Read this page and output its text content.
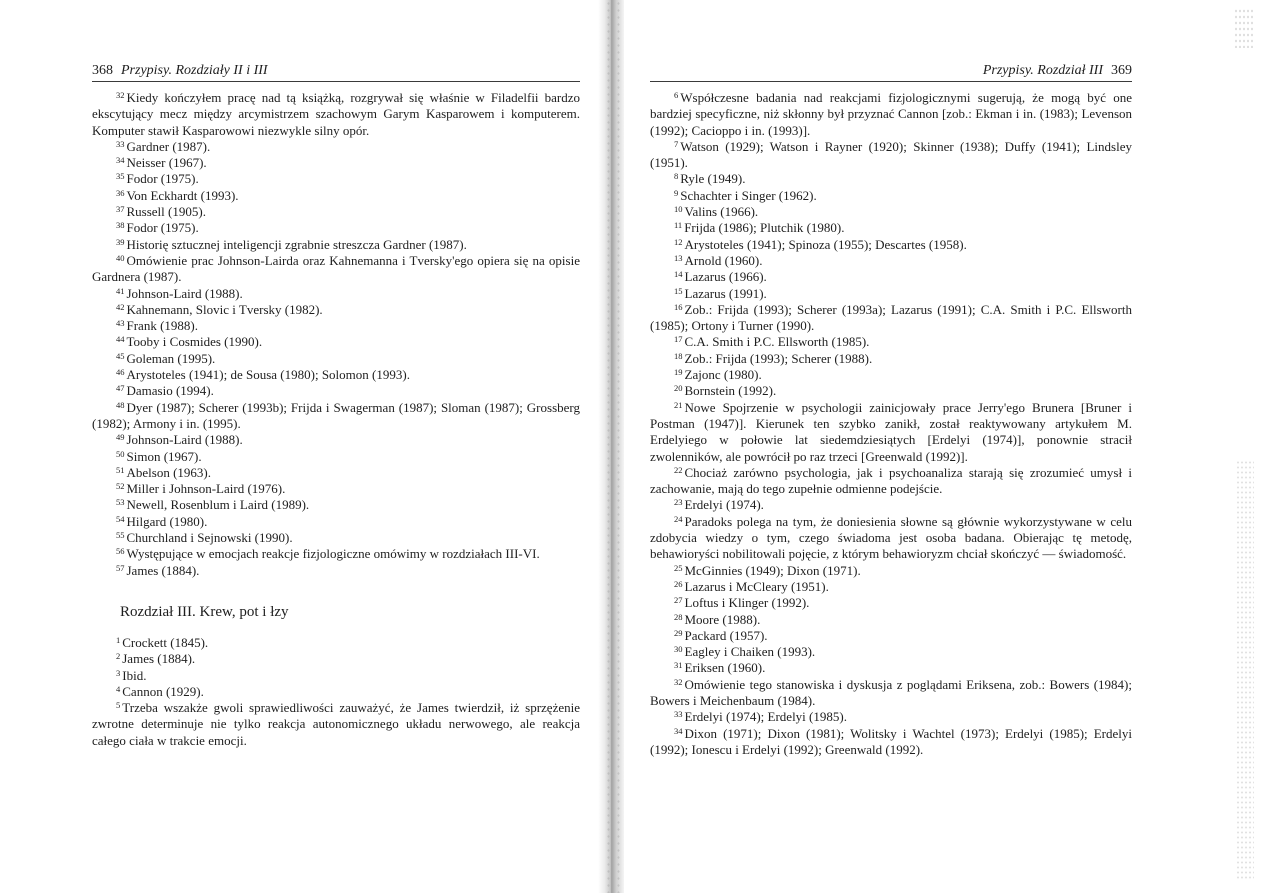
368 Przypisy. Rozdziały II i III

$^{32}$ Kiedy kończyłem pracę nad tą książką, rozgrywał się właśnie w Filadelfii bardzo ekscytujący mecz między arcymistrzem szachowym Garym Kasparowem i komputerem. Komputer stawił Kasparowowi niezwykle silny opór.

$^{33}$ Gardner (1987).

$^{34}$ Neisser (1967).

$^{35}$ Fodor (1975).

$^{36}$ Von Eckhardt (1993).

$^{37}$ Russell (1905).

$^{38}$ Fodor (1975).

$^{39}$ Historię sztucznej inteligencji zgrabnie streszcza Gardner (1987).

$^{40}$ Omówienie prac Johnson-Lairda oraz Kahnemanna i Tversky'ego opiera się na opisie Gardnera (1987).

$^{41}$ Johnson-Laird (1988).

$^{42}$ Kahnemann, Slovic i Tversky (1982).

$^{43}$ Frank (1988).

$^{44}$ Tooby i Cosmides (1990).

$^{45}$ Goleman (1995).

$^{46}$ Arystoteles (1941); de Sousa (1980); Solomon (1993).

$^{47}$ Damasio (1994).

$^{48}$ Dyer (1987); Scherer (1993b); Frijda i Swagerman (1987); Sloman (1987); Grossberg (1982); Armony i in. (1995).

$^{49}$ Johnson-Laird (1988).

$^{50}$ Simon (1967).

$^{51}$ Abelson (1963).

$^{52}$ Miller i Johnson-Laird (1976).

$^{53}$ Newell, Rosenblum i Laird (1989).

$^{54}$ Hilgard (1980).

$^{55}$ Churchland i Sejnowski (1990).

$^{56}$ Występujące w emocjach reakcje fizjologiczne omówimy w rozdziałach III-VI.

$^{57}$ James (1884).

Rozdział III. Krew, pot i łzy

$^1$ Crockett (1845).

$^2$ James (1884).

$^3$ Ibid.

$^4$ Cannon (1929).

$^5$ Trzeba wszakże gwoli sprawiedliwości zauważyć, że James twierdził, iż sprzężenie zwrotne determinuje nie tylko reakcja autonomicznego układu nerwowego, ale reakcja całego ciała w trakcie emocji.

Przypisy. Rozdział III 369

$^6$ Współczesne badania nad reakcjami fizjologicznymi sugerują, że mogą być one bardziej specyficzne, niż skłonny był przyznać Cannon [zob.: Ekman i in. (1983); Levenson (1992); Cacioppo i in. (1993)].

$^7$ Watson (1929); Watson i Rayner (1920); Skinner (1938); Duffy (1941); Lindsley (1951).

$^8$ Ryle (1949).

$^9$ Schachter i Singer (1962).

$^{10}$ Valins (1966).

$^{11}$ Frijda (1986); Plutchik (1980).

$^{12}$ Arystoteles (1941); Spinoza (1955); Descartes (1958).

$^{13}$ Arnold (1960).

$^{14}$ Lazarus (1966).

$^{15}$ Lazarus (1991).

$^{16}$ Zob.: Frijda (1993); Scherer (1993a); Lazarus (1991); C.A. Smith i P.C. Ellsworth (1985); Ortony i Turner (1990).

$^{17}$ C.A. Smith i P.C. Ellsworth (1985).

$^{18}$ Zob.: Frijda (1993); Scherer (1988).

$^{19}$ Zajonc (1980).

$^{20}$ Bornstein (1992).

$^{21}$ Nowe Spojrzenie w psychologii zainicjowały prace Jerry'ego Brunera [Bruner i Postman (1947)]. Kierunek ten szybko zanikł, został reaktywowany artykułem M. Erdelyiego w połowie lat siedemdziesiątych [Erdelyi (1974)], ponownie stracił zwolenników, ale powrócił po raz trzeci [Greenwald (1992)].

$^{22}$ Chociaż zarówno psychologia, jak i psychoanaliza starają się zrozumieć umysł i zachowanie, mają do tego zupełnie odmienne podejście.

$^{23}$ Erdelyi (1974).

$^{24}$ Paradoks polega na tym, że doniesienia słowne są głównie wykorzystywane w celu zdobycia wiedzy o tym, czego świadoma jest osoba badana. Obierając tę metodę, behawioryści nobilitowali pojęcie, z którym behawioryzm chciał skończyć — świadomość.

$^{25}$ McGinnies (1949); Dixon (1971).

$^{26}$ Lazarus i McCleary (1951).

$^{27}$ Loftus i Klinger (1992).

$^{28}$ Moore (1988).

$^{29}$ Packard (1957).

$^{30}$ Eagley i Chaiken (1993).

$^{31}$ Eriksen (1960).

$^{32}$ Omówienie tego stanowiska i dyskusja z poglądami Eriksena, zob.: Bowers (1984); Bowers i Meichenbaum (1984).

$^{33}$ Erdelyi (1974); Erdelyi (1985).

$^{34}$ Dixon (1971); Dixon (1981); Wolitsky i Wachtel (1973); Erdelyi (1985); Erdelyi (1992); Ionescu i Erdelyi (1992); Greenwald (1992).
